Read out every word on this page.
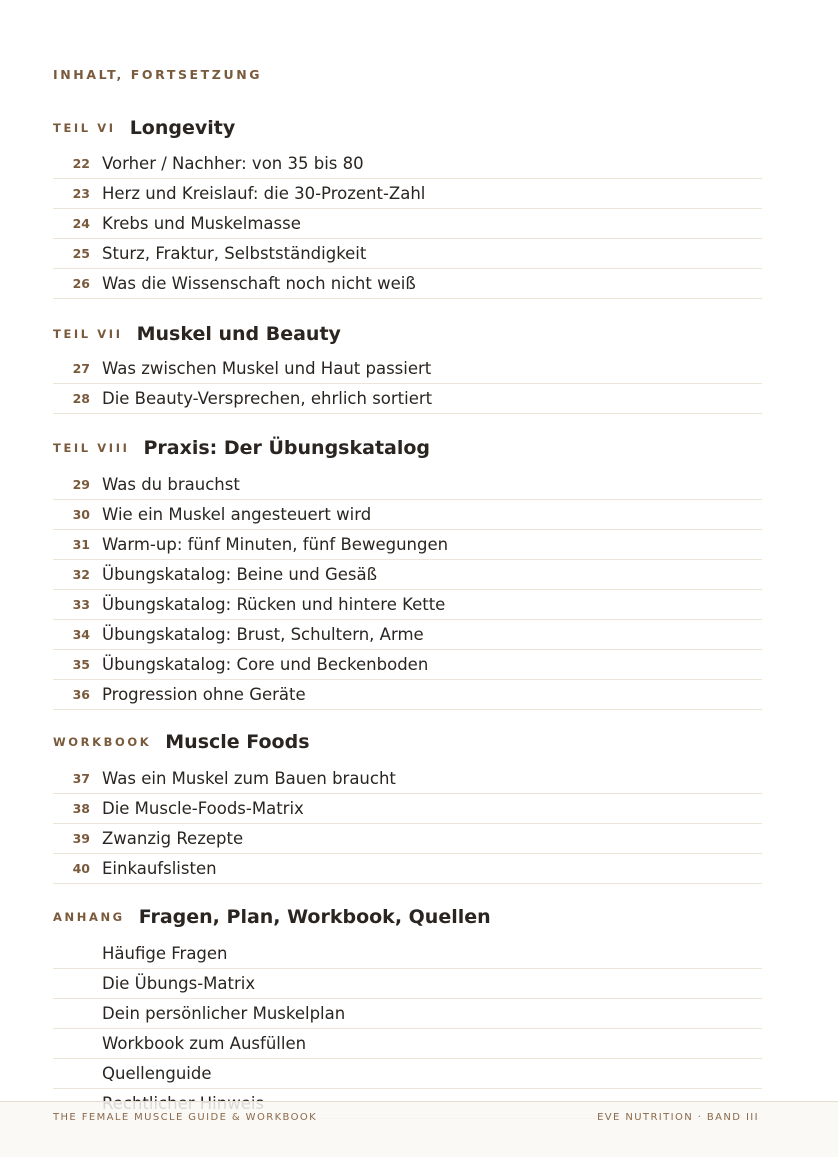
INHALT, FORTSETZUNG
TEIL VI Longevity
22 Vorher / Nachher: von 35 bis 80
23 Herz und Kreislauf: die 30-Prozent-Zahl
24 Krebs und Muskelmasse
25 Sturz, Fraktur, Selbstständigkeit
26 Was die Wissenschaft noch nicht weiß
TEIL VII Muskel und Beauty
27 Was zwischen Muskel und Haut passiert
28 Die Beauty-Versprechen, ehrlich sortiert
TEIL VIII Praxis: Der Übungskatalog
29 Was du brauchst
30 Wie ein Muskel angesteuert wird
31 Warm-up: fünf Minuten, fünf Bewegungen
32 Übungskatalog: Beine und Gesäß
33 Übungskatalog: Rücken und hintere Kette
34 Übungskatalog: Brust, Schultern, Arme
35 Übungskatalog: Core und Beckenboden
36 Progression ohne Geräte
WORKBOOK Muscle Foods
37 Was ein Muskel zum Bauen braucht
38 Die Muscle-Foods-Matrix
39 Zwanzig Rezepte
40 Einkaufslisten
ANHANG Fragen, Plan, Workbook, Quellen
Häufige Fragen
Die Übungs-Matrix
Dein persönlicher Muskelplan
Workbook zum Ausfüllen
Quellenguide
THE FEMALE MUSCLE GUIDE & WORKBOOK	EVE NUTRITION · BAND III
